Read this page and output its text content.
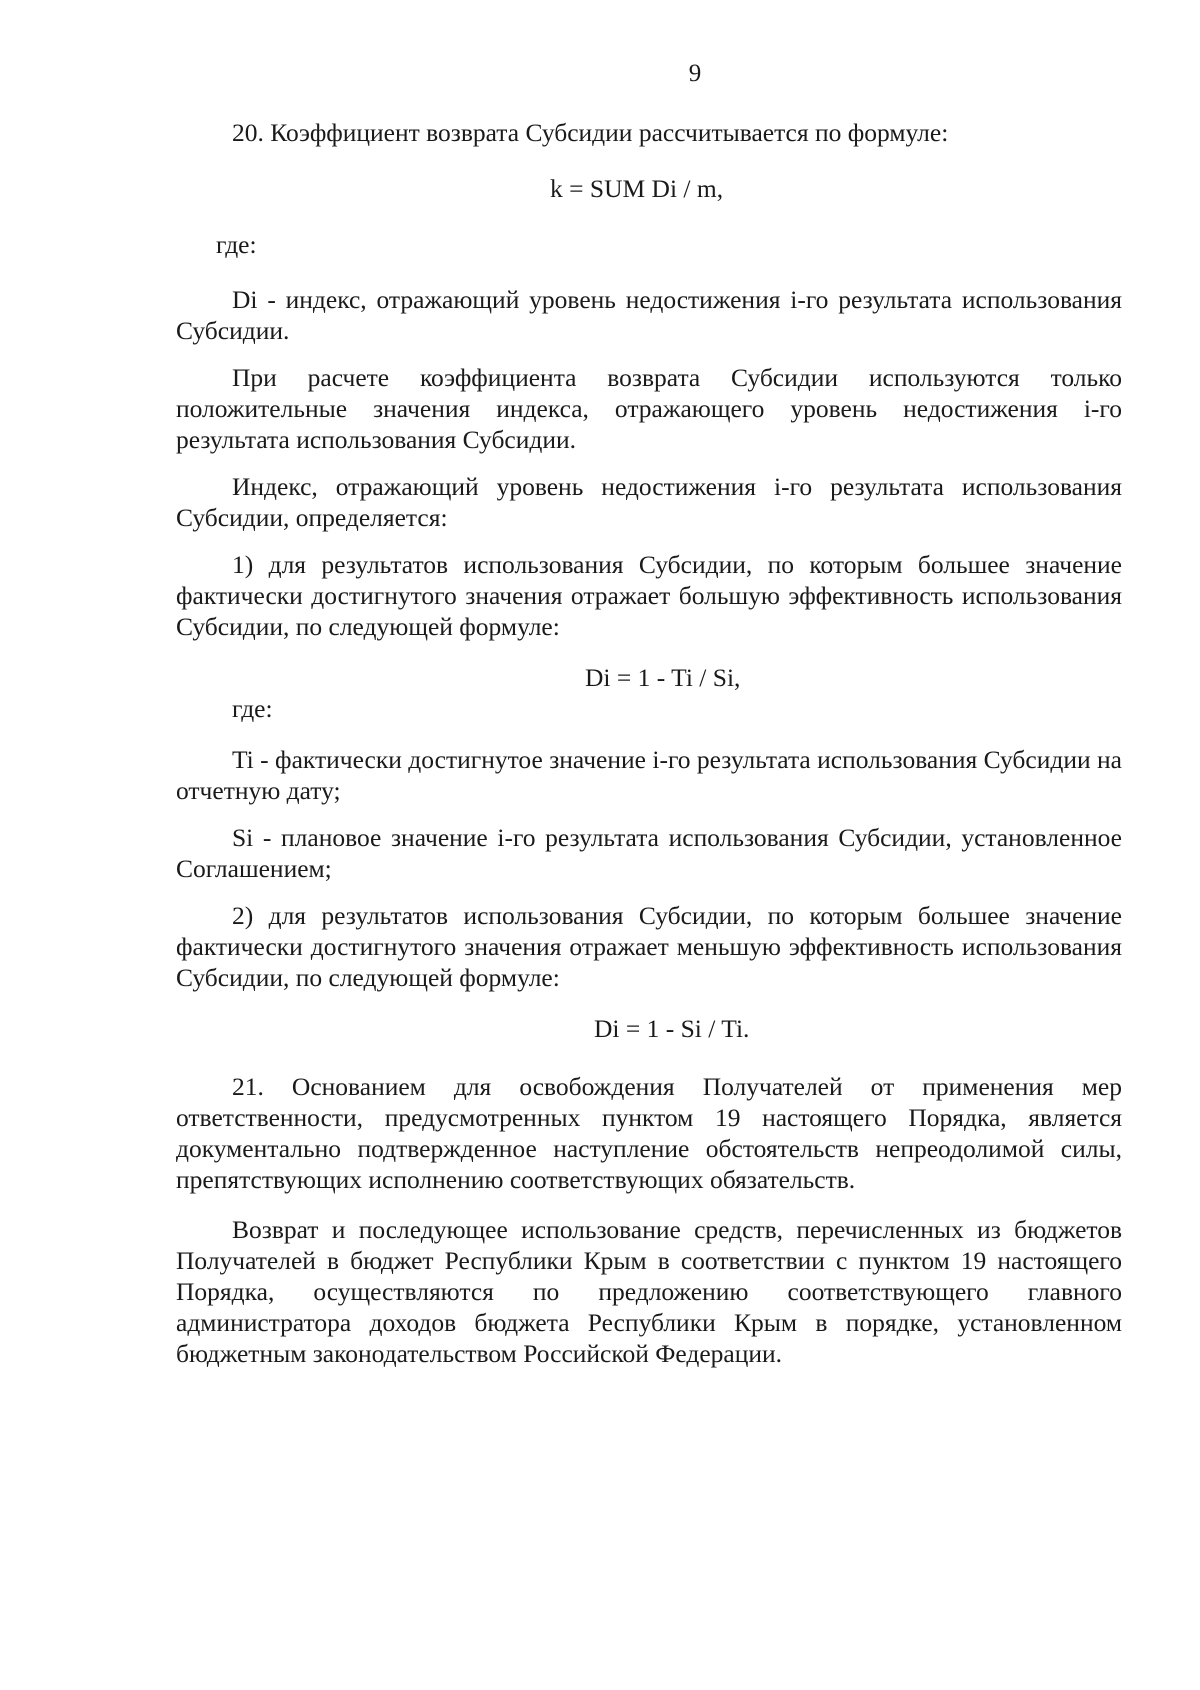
9

20. Коэффициент возврата Субсидии рассчитывается по формуле:

k = SUM Di / m,

где:

Di - индекс, отражающий уровень недостижения i-го результата использования Субсидии.

При расчете коэффициента возврата Субсидии используются только положительные значения индекса, отражающего уровень недостижения i-го результата использования Субсидии.

Индекс, отражающий уровень недостижения i-го результата использования Субсидии, определяется:

1) для результатов использования Субсидии, по которым большее значение фактически достигнутого значения отражает большую эффективность использования Субсидии, по следующей формуле:

Di = 1 - Ti / Si,

где:

Ti - фактически достигнутое значение i-го результата использования Субсидии на отчетную дату;

Si - плановое значение i-го результата использования Субсидии, установленное Соглашением;

2) для результатов использования Субсидии, по которым большее значение фактически достигнутого значения отражает меньшую эффективность использования Субсидии, по следующей формуле:

Di = 1 - Si / Ti.

21. Основанием для освобождения Получателей от применения мер ответственности, предусмотренных пунктом 19 настоящего Порядка, является документально подтвержденное наступление обстоятельств непреодолимой силы, препятствующих исполнению соответствующих обязательств.

Возврат и последующее использование средств, перечисленных из бюджетов Получателей в бюджет Республики Крым в соответствии с пунктом 19 настоящего Порядка, осуществляются по предложению соответствующего главного администратора доходов бюджета Республики Крым в порядке, установленном бюджетным законодательством Российской Федерации.
